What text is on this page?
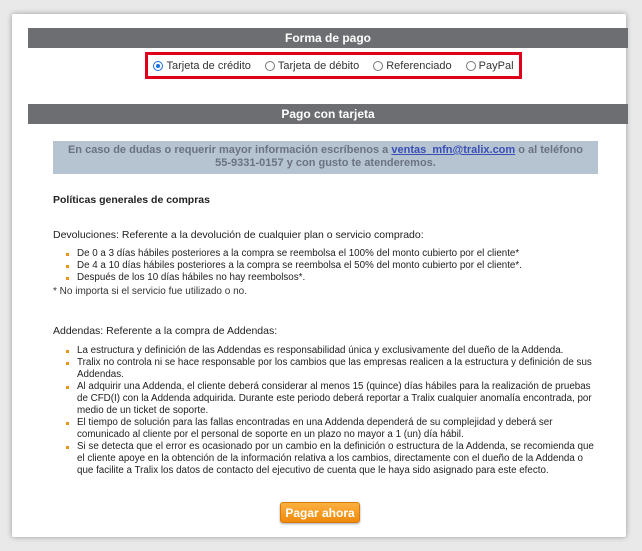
Forma de pago
Tarjeta de crédito Tarjeta de débito Referenciado PayPal
Pago con tarjeta
En caso de dudas o requerir mayor información escríbenos a ventas_mfn@tralix.com o al teléfono 55-9331-0157 y con gusto te atenderemos.

Políticas generales de compras

Devoluciones: Referente a la devolución de cualquier plan o servicio comprado:

De 0 a 3 días hábiles posteriores a la compra se reembolsa el 100% del monto cubierto por el cliente*
De 4 a 10 días hábiles posteriores a la compra se reembolsa el 50% del monto cubierto por el cliente*.
Después de los 10 días hábiles no hay reembolsos*.

* No importa si el servicio fue utilizado o no.

Addendas: Referente a la compra de Addendas:

La estructura y definición de las Addendas es responsabilidad única y exclusivamente del dueño de la Addenda.
Tralix no controla ni se hace responsable por los cambios que las empresas realicen a la estructura y definición de sus Addendas.
Al adquirir una Addenda, el cliente deberá considerar al menos 15 (quince) días hábiles para la realización de pruebas de CFD(I) con la Addenda adquirida. Durante este periodo deberá reportar a Tralix cualquier anomalía encontrada, por medio de un ticket de soporte.
El tiempo de solución para las fallas encontradas en una Addenda dependerá de su complejidad y deberá ser comunicado al cliente por el personal de soporte en un plazo no mayor a 1 (un) día hábil.
Si se detecta que el error es ocasionado por un cambio en la definición o estructura de la Addenda, se recomienda que el cliente apoye en la obtención de la información relativa a los cambios, directamente con el dueño de la Addenda o que facilite a Tralix los datos de contacto del ejecutivo de cuenta que le haya sido asignado para este efecto.
Pagar ahora
